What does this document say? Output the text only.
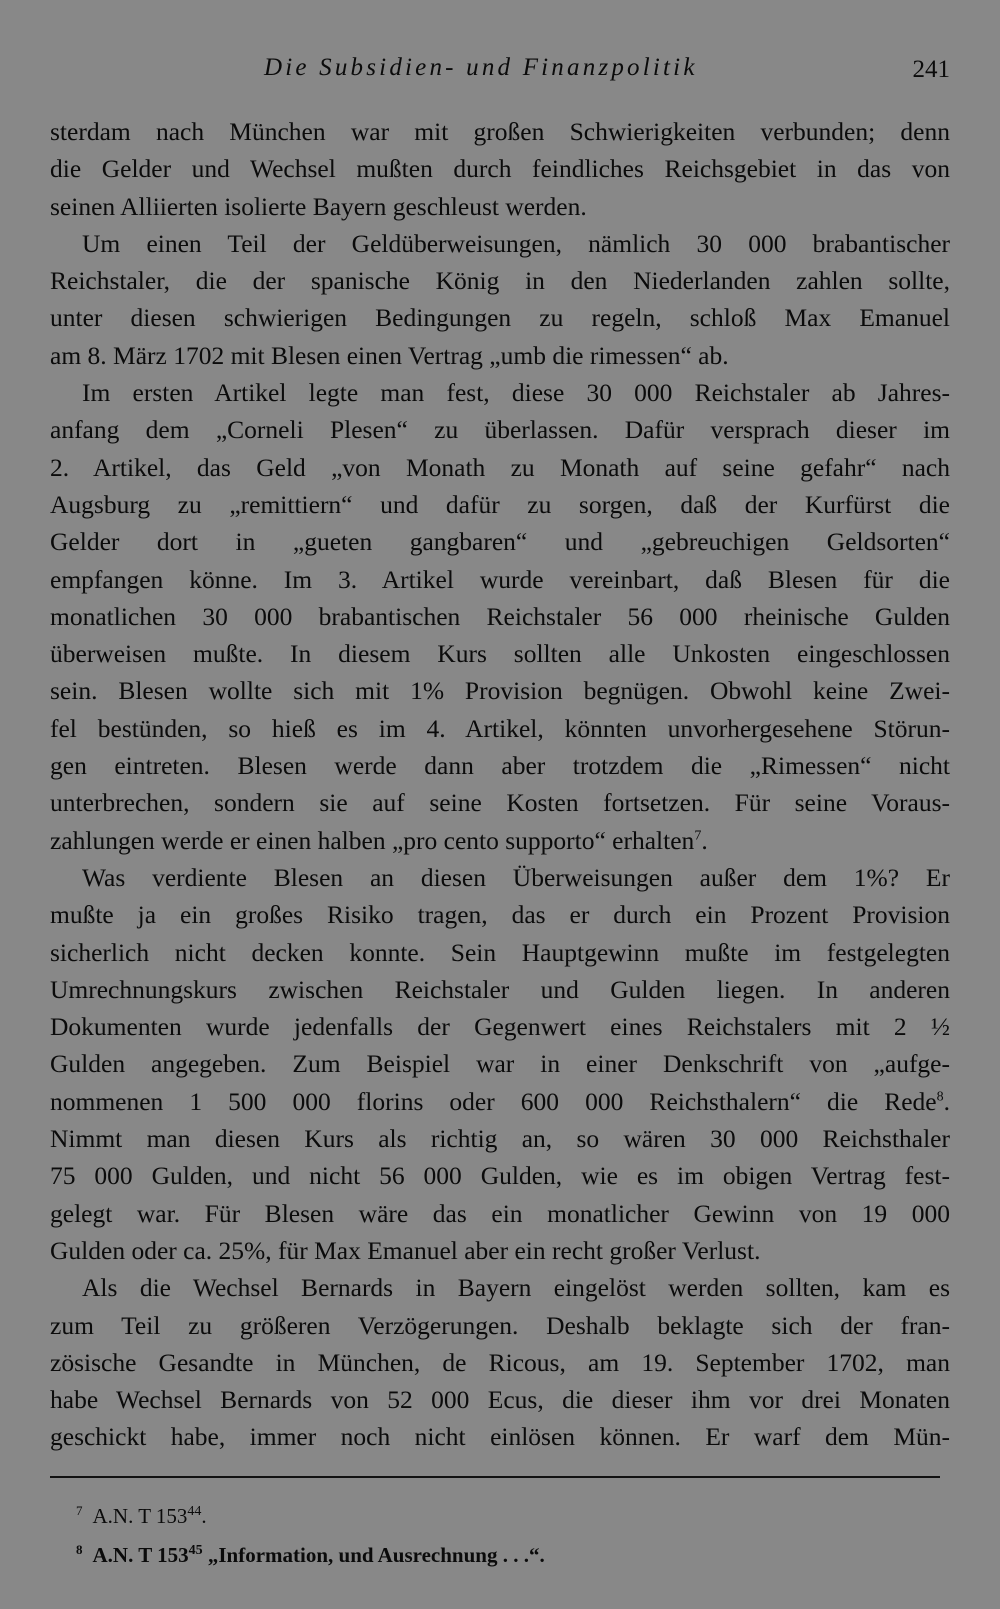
Die Subsidien- und Finanzpolitik	241
sterdam nach München war mit großen Schwierigkeiten verbunden; denn
die Gelder und Wechsel mußten durch feindliches Reichsgebiet in das von
seinen Alliierten isolierte Bayern geschleust werden.
Um einen Teil der Geldüberweisungen, nämlich 30 000 brabantischer
Reichstaler, die der spanische König in den Niederlanden zahlen sollte,
unter diesen schwierigen Bedingungen zu regeln, schloß Max Emanuel
am 8. März 1702 mit Blesen einen Vertrag „umb die rimessen“ ab.
Im ersten Artikel legte man fest, diese 30 000 Reichstaler ab Jahres-
anfang dem „Corneli Plesen“ zu überlassen. Dafür versprach dieser im
2. Artikel, das Geld „von Monath zu Monath auf seine gefahr“ nach
Augsburg zu „remittiern“ und dafür zu sorgen, daß der Kurfürst die
Gelder dort in „gueten gangbaren“ und „gebreuchigen Geldsorten“
empfangen könne. Im 3. Artikel wurde vereinbart, daß Blesen für die
monatlichen 30 000 brabantischen Reichstaler 56 000 rheinische Gulden
überweisen mußte. In diesem Kurs sollten alle Unkosten eingeschlossen
sein. Blesen wollte sich mit 1% Provision begnügen. Obwohl keine Zwei-
fel bestünden, so hieß es im 4. Artikel, könnten unvorhergesehene Störun-
gen eintreten. Blesen werde dann aber trotzdem die „Rimessen“ nicht
unterbrechen, sondern sie auf seine Kosten fortsetzen. Für seine Voraus-
zahlungen werde er einen halben „pro cento supporto“ erhalten$^7$.
Was verdiente Blesen an diesen Überweisungen außer dem 1%? Er
mußte ja ein großes Risiko tragen, das er durch ein Prozent Provision
sicherlich nicht decken konnte. Sein Hauptgewinn mußte im festgelegten
Umrechnungskurs zwischen Reichstaler und Gulden liegen. In anderen
Dokumenten wurde jedenfalls der Gegenwert eines Reichstalers mit 2 ½
Gulden angegeben. Zum Beispiel war in einer Denkschrift von „aufge-
nommenen 1 500 000 florins oder 600 000 Reichsthalern“ die Rede$^8$.
Nimmt man diesen Kurs als richtig an, so wären 30 000 Reichsthaler
75 000 Gulden, und nicht 56 000 Gulden, wie es im obigen Vertrag fest-
gelegt war. Für Blesen wäre das ein monatlicher Gewinn von 19 000
Gulden oder ca. 25%, für Max Emanuel aber ein recht großer Verlust.
Als die Wechsel Bernards in Bayern eingelöst werden sollten, kam es
zum Teil zu größeren Verzögerungen. Deshalb beklagte sich der fran-
zösische Gesandte in München, de Ricous, am 19. September 1702, man
habe Wechsel Bernards von 52 000 Ecus, die dieser ihm vor drei Monaten
geschickt habe, immer noch nicht einlösen können. Er warf dem Mün-
$^7$ A.N. T $153^{44}$.
$^8$ A.N. T $153^{45}$ „Information, und Ausrechnung . . .“.
